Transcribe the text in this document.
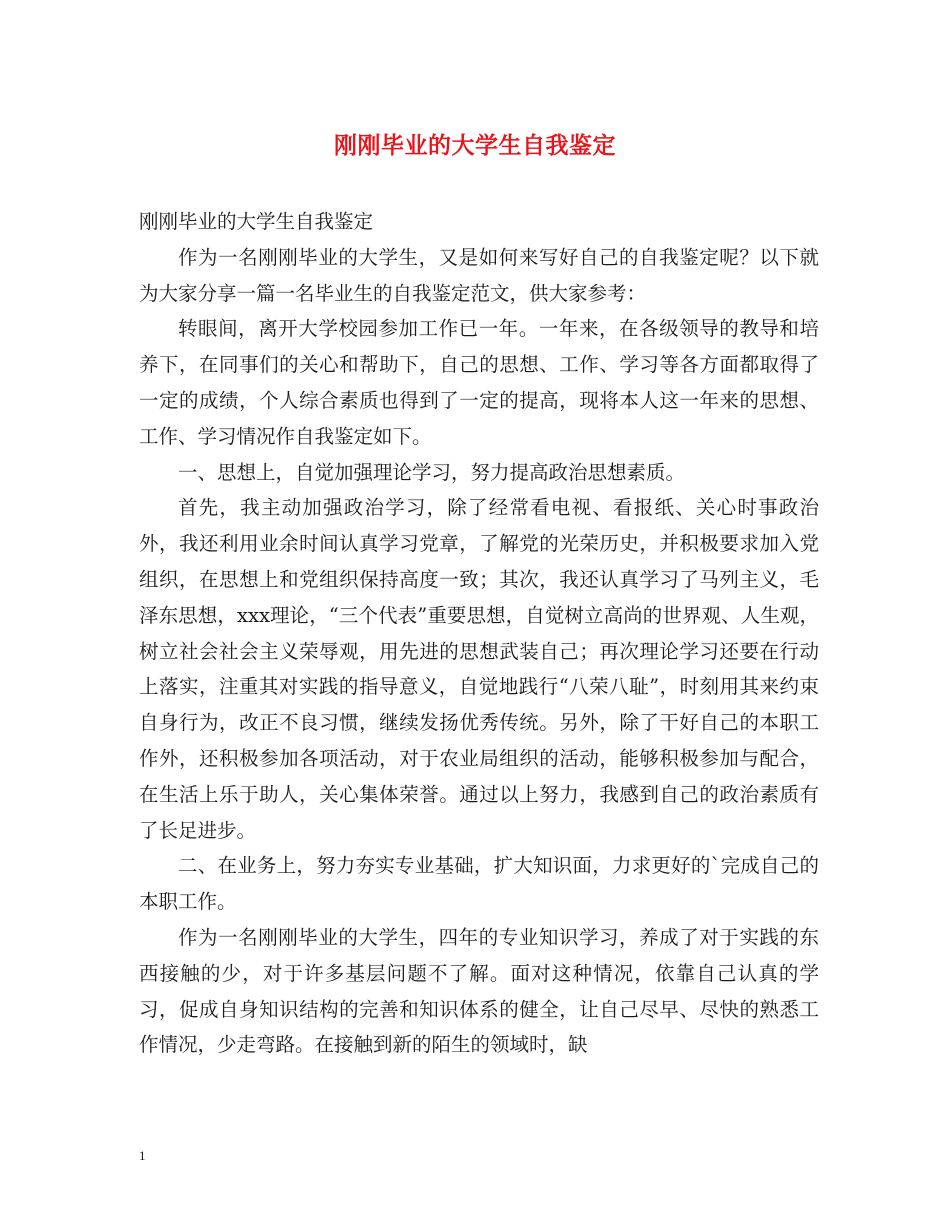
刚刚毕业的大学生自我鉴定

刚刚毕业的大学生自我鉴定

作为一名刚刚毕业的大学生，又是如何来写好自己的自我鉴定呢？以下就为大家分享一篇一名毕业生的自我鉴定范文，供大家参考：

转眼间，离开大学校园参加工作已一年。一年来，在各级领导的教导和培养下，在同事们的关心和帮助下，自己的思想、工作、学习等各方面都取得了一定的成绩，个人综合素质也得到了一定的提高，现将本人这一年来的思想、工作、学习情况作自我鉴定如下。

一、思想上，自觉加强理论学习，努力提高政治思想素质。

首先，我主动加强政治学习，除了经常看电视、看报纸、关心时事政治外，我还利用业余时间认真学习党章，了解党的光荣历史，并积极要求加入党组织，在思想上和党组织保持高度一致；其次，我还认真学习了马列主义，毛泽东思想，xxx理论，“三个代表”重要思想，自觉树立高尚的世界观、人生观，树立社会社会主义荣辱观，用先进的思想武装自己；再次理论学习还要在行动上落实，注重其对实践的指导意义，自觉地践行“八荣八耻”，时刻用其来约束自身行为，改正不良习惯，继续发扬优秀传统。另外，除了干好自己的本职工作外，还积极参加各项活动，对于农业局组织的活动，能够积极参加与配合，在生活上乐于助人，关心集体荣誉。通过以上努力，我感到自己的政治素质有了长足进步。

二、在业务上，努力夯实专业基础，扩大知识面，力求更好的`完成自己的本职工作。

作为一名刚刚毕业的大学生，四年的专业知识学习，养成了对于实践的东西接触的少，对于许多基层问题不了解。面对这种情况，依靠自己认真的学习，促成自身知识结构的完善和知识体系的健全，让自己尽早、尽快的熟悉工作情况，少走弯路。在接触到新的陌生的领域时，缺

1
